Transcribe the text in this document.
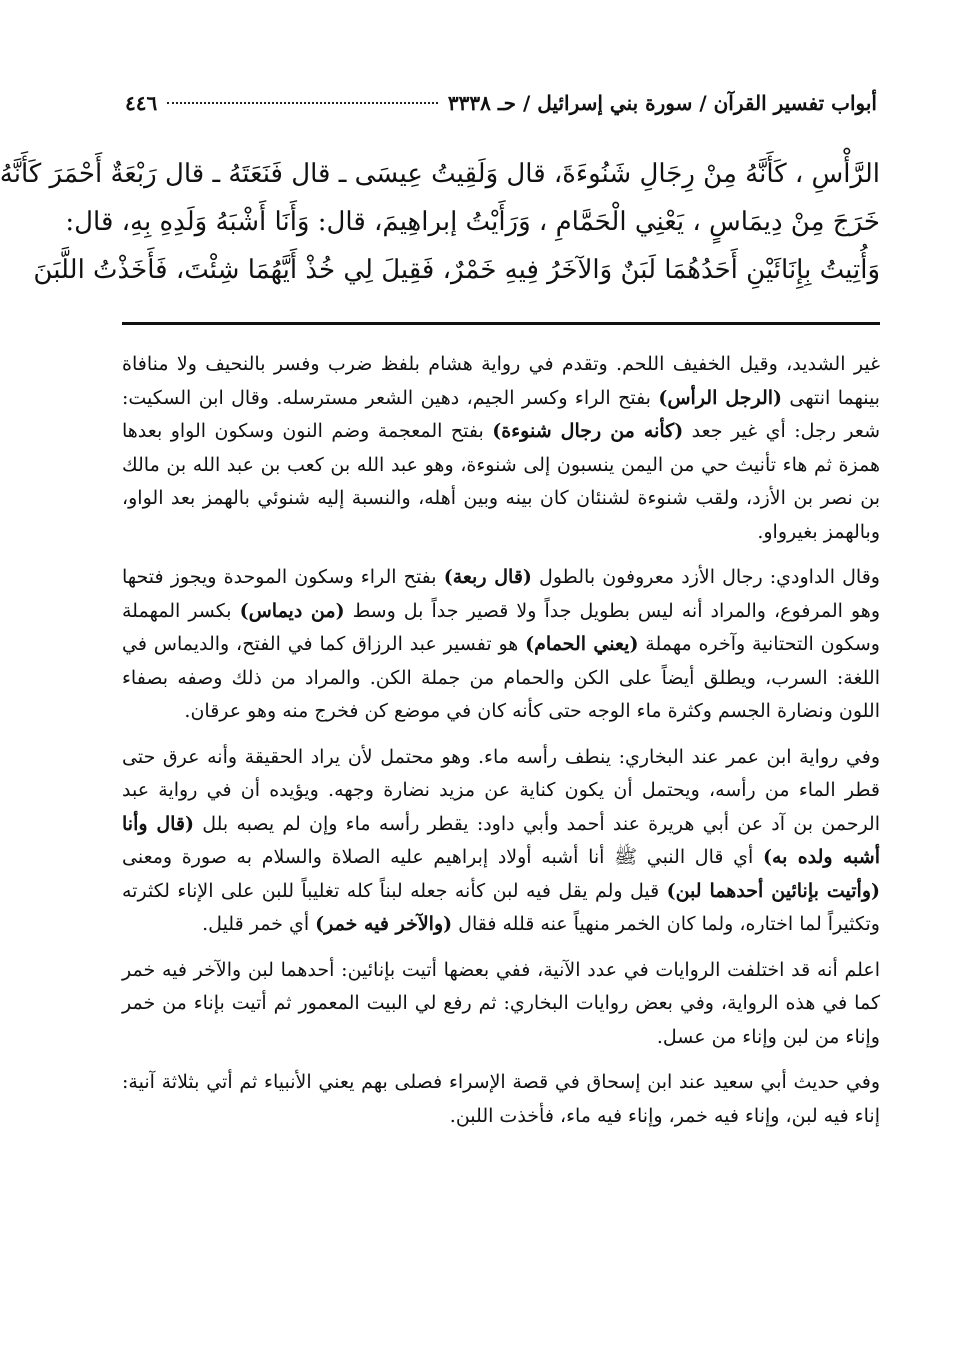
أبواب تفسير القرآن / سورة بني إسرائيل / حـ ٣٣٣٨
٤٤٦

الرَّأْسِ ، كَأَنَّهُ مِنْ رِجَالِ شَنُوءَةَ، قال وَلَقِيتُ عِيسَى ـ قال فَنَعَتَهُ ـ قال رَبْعَةٌ أَحْمَرَ كَأَنَّهُ

خَرَجَ مِنْ دِيمَاسٍ ، يَعْنِي الْحَمَّامِ ، وَرَأَيْتُ إبراهِيمَ، قال: وَأَنَا أَشْبَهُ وَلَدِهِ بِهِ، قال:

وَأُتِيتُ بِإِنَائَيْنِ أَحَدُهُمَا لَبَنٌ وَالآخَرُ فِيهِ خَمْرٌ، فَقِيلَ لِي خُذْ أَيَّهُمَا شِئْتَ، فَأَخَذْتُ اللَّبَنَ

غير الشديد، وقيل الخفيف اللحم. وتقدم في رواية هشام بلفظ ضرب وفسر بالنحيف ولا منافاة بينهما انتهى (الرجل الرأس) بفتح الراء وكسر الجيم، دهين الشعر مسترسله. وقال ابن السكيت: شعر رجل: أي غير جعد (كأنه من رجال شنوءة) بفتح المعجمة وضم النون وسكون الواو بعدها همزة ثم هاء تأنيث حي من اليمن ينسبون إلى شنوءة، وهو عبد الله بن كعب بن عبد الله بن مالك بن نصر بن الأزد، ولقب شنوءة لشنئان كان بينه وبين أهله، والنسبة إليه شنوئي بالهمز بعد الواو، وبالهمز بغيرواو.

وقال الداودي: رجال الأزد معروفون بالطول (قال ربعة) بفتح الراء وسكون الموحدة ويجوز فتحها وهو المرفوع، والمراد أنه ليس بطويل جداً ولا قصير جداً بل وسط (من ديماس) بكسر المهملة وسكون التحتانية وآخره مهملة (يعني الحمام) هو تفسير عبد الرزاق كما في الفتح، والديماس في اللغة: السرب، ويطلق أيضاً على الكن والحمام من جملة الكن. والمراد من ذلك وصفه بصفاء اللون ونضارة الجسم وكثرة ماء الوجه حتى كأنه كان في موضع كن فخرج منه وهو عرقان.

وفي رواية ابن عمر عند البخاري: ينطف رأسه ماء. وهو محتمل لأن يراد الحقيقة وأنه عرق حتى قطر الماء من رأسه، ويحتمل أن يكون كناية عن مزيد نضارة وجهه. ويؤيده أن في رواية عبد الرحمن بن آد عن أبي هريرة عند أحمد وأبي داود: يقطر رأسه ماء وإن لم يصبه بلل (قال وأنا أشبه ولده به) أي قال النبي ﷺ أنا أشبه أولاد إبراهيم عليه الصلاة والسلام به صورة ومعنى (وأتيت بإنائين أحدهما لبن) قيل ولم يقل فيه لبن كأنه جعله لبناً كله تغليباً للبن على الإناء لكثرته وتكثيراً لما اختاره، ولما كان الخمر منهياً عنه قلله فقال (والآخر فيه خمر) أي خمر قليل.

اعلم أنه قد اختلفت الروايات في عدد الآنية، ففي بعضها أتيت بإنائين: أحدهما لبن والآخر فيه خمر كما في هذه الرواية، وفي بعض روايات البخاري: ثم رفع لي البيت المعمور ثم أتيت بإناء من خمر وإناء من لبن وإناء من عسل.

وفي حديث أبي سعيد عند ابن إسحاق في قصة الإسراء فصلى بهم يعني الأنبياء ثم أتي بثلاثة آنية: إناء فيه لبن، وإناء فيه خمر، وإناء فيه ماء، فأخذت اللبن.
